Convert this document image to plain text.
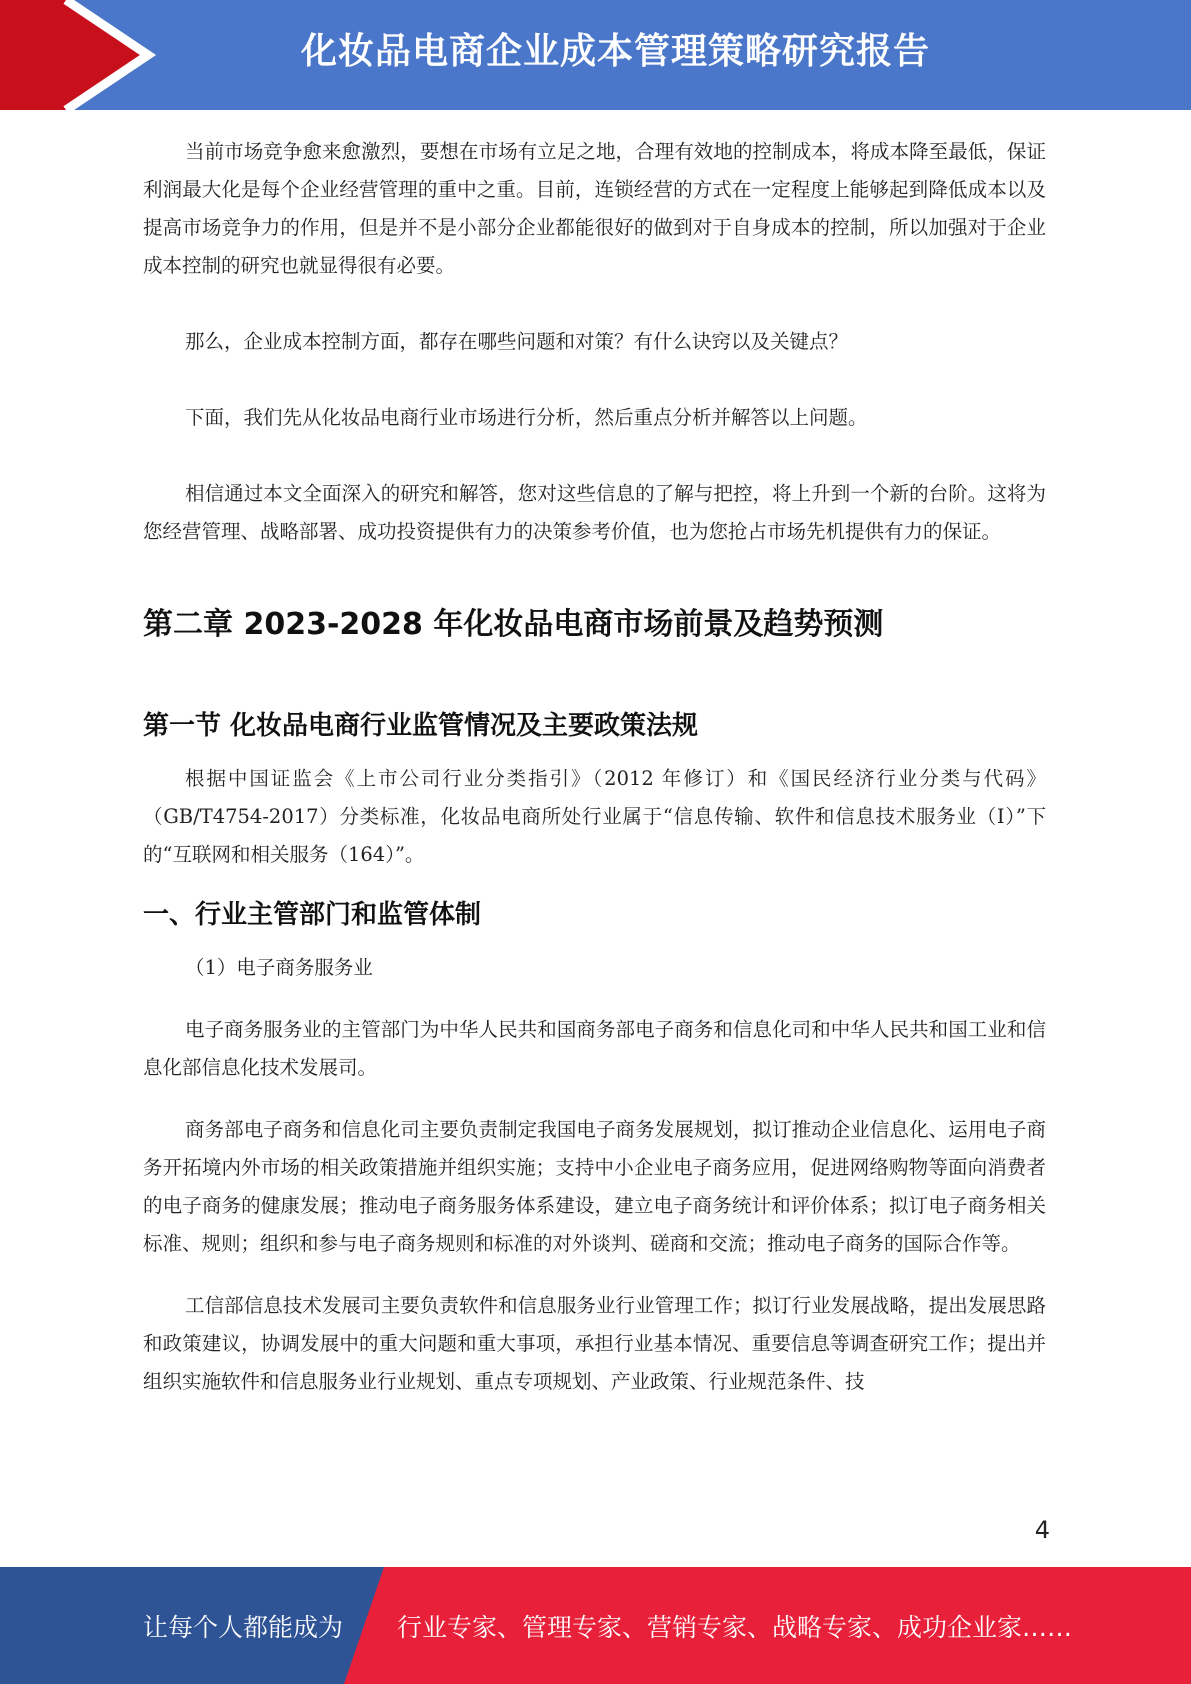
化妆品电商企业成本管理策略研究报告

当前市场竞争愈来愈激烈，要想在市场有立足之地，合理有效地的控制成本，将成本降至最低，保证利润最大化是每个企业经营管理的重中之重。目前，连锁经营的方式在一定程度上能够起到降低成本以及提高市场竞争力的作用，但是并不是小部分企业都能很好的做到对于自身成本的控制，所以加强对于企业成本控制的研究也就显得很有必要。

那么，企业成本控制方面，都存在哪些问题和对策？有什么诀窍以及关键点？

下面，我们先从化妆品电商行业市场进行分析，然后重点分析并解答以上问题。

相信通过本文全面深入的研究和解答，您对这些信息的了解与把控，将上升到一个新的台阶。这将为您经营管理、战略部署、成功投资提供有力的决策参考价值，也为您抢占市场先机提供有力的保证。

第二章 2023-2028 年化妆品电商市场前景及趋势预测
第一节 化妆品电商行业监管情况及主要政策法规

根据中国证监会《上市公司行业分类指引》（2012 年修订）和《国民经济行业分类与代码》（GB/T4754-2017）分类标准，化妆品电商所处行业属于“信息传输、软件和信息技术服务业（I）”下的“互联网和相关服务（164）”。

一、行业主管部门和监管体制

（1）电子商务服务业

电子商务服务业的主管部门为中华人民共和国商务部电子商务和信息化司和中华人民共和国工业和信息化部信息化技术发展司。

商务部电子商务和信息化司主要负责制定我国电子商务发展规划，拟订推动企业信息化、运用电子商务开拓境内外市场的相关政策措施并组织实施；支持中小企业电子商务应用，促进网络购物等面向消费者的电子商务的健康发展；推动电子商务服务体系建设，建立电子商务统计和评价体系；拟订电子商务相关标准、规则；组织和参与电子商务规则和标准的对外谈判、磋商和交流；推动电子商务的国际合作等。

工信部信息技术发展司主要负责软件和信息服务业行业管理工作；拟订行业发展战略，提出发展思路和政策建议，协调发展中的重大问题和重大事项，承担行业基本情况、重要信息等调查研究工作；提出并组织实施软件和信息服务业行业规划、重点专项规划、产业政策、行业规范条件、技

4
让每个人都能成为 行业专家、管理专家、营销专家、战略专家、成功企业家……
